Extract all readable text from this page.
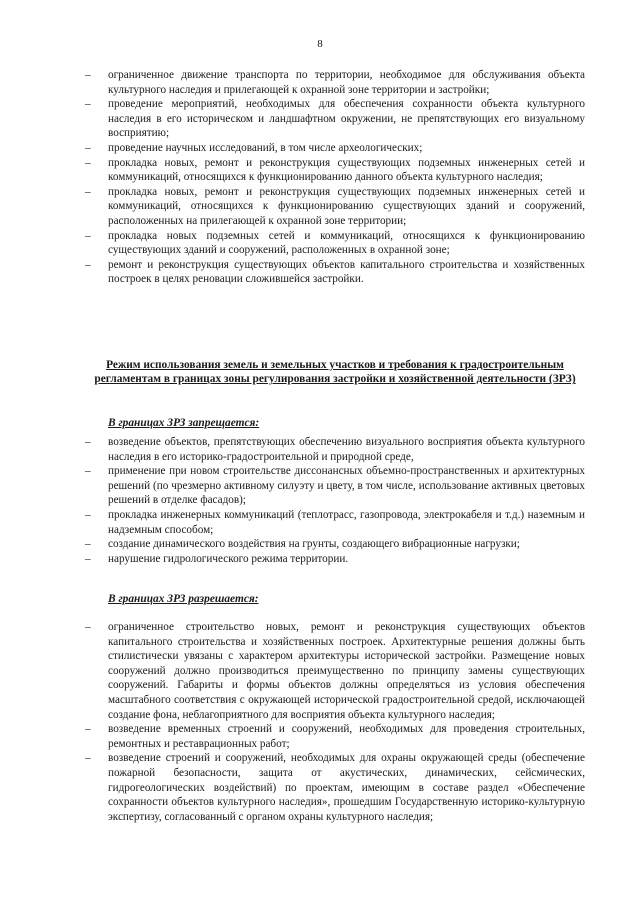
8
– ограниченное движение транспорта по территории, необходимое для обслуживания объекта культурного наследия и прилегающей к охранной зоне территории и застройки;
– проведение мероприятий, необходимых для обеспечения сохранности объекта культурного наследия в его историческом и ландшафтном окружении, не препятствующих его визуальному восприятию;
– проведение научных исследований, в том числе археологических;
– прокладка новых, ремонт и реконструкция существующих подземных инженерных сетей и коммуникаций, относящихся к функционированию данного объекта культурного наследия;
– прокладка новых, ремонт и реконструкция существующих подземных инженерных сетей и коммуникаций, относящихся к функционированию существующих зданий и сооружений, расположенных на прилегающей к охранной зоне территории;
– прокладка новых подземных сетей и коммуникаций, относящихся к функционированию существующих зданий и сооружений, расположенных в охранной зоне;
– ремонт и реконструкция существующих объектов капитального строительства и хозяйственных построек в целях реновации сложившейся застройки.
Режим использования земель и земельных участков и требования к градостроительным регламентам в границах зоны регулирования застройки и хозяйственной деятельности (ЗРЗ)
В границах ЗРЗ запрещается:
– возведение объектов, препятствующих обеспечению визуального восприятия объекта культурного наследия в его историко-градостроительной и природной среде,
– применение при новом строительстве диссонансных объемно-пространственных и архитектурных решений (по чрезмерно активному силуэту и цвету, в том числе, использование активных цветовых решений в отделке фасадов);
– прокладка инженерных коммуникаций (теплотрасс, газопровода, электрокабеля и т.д.) наземным и надземным способом;
– создание динамического воздействия на грунты, создающего вибрационные нагрузки;
– нарушение гидрологического режима территории.
В границах ЗРЗ разрешается:
– ограниченное строительство новых, ремонт и реконструкция существующих объектов капитального строительства и хозяйственных построек. Архитектурные решения должны быть стилистически увязаны с характером архитектуры исторической застройки. Размещение новых сооружений должно производиться преимущественно по принципу замены существующих сооружений. Габариты и формы объектов должны определяться из условия обеспечения масштабного соответствия с окружающей исторической градостроительной средой, исключающей создание фона, неблагоприятного для восприятия объекта культурного наследия;
– возведение временных строений и сооружений, необходимых для проведения строительных, ремонтных и реставрационных работ;
– возведение строений и сооружений, необходимых для охраны окружающей среды (обеспечение пожарной безопасности, защита от акустических, динамических, сейсмических, гидрогеологических воздействий) по проектам, имеющим в составе раздел «Обеспечение сохранности объектов культурного наследия», прошедшим Государственную историко-культурную экспертизу, согласованный с органом охраны культурного наследия;
